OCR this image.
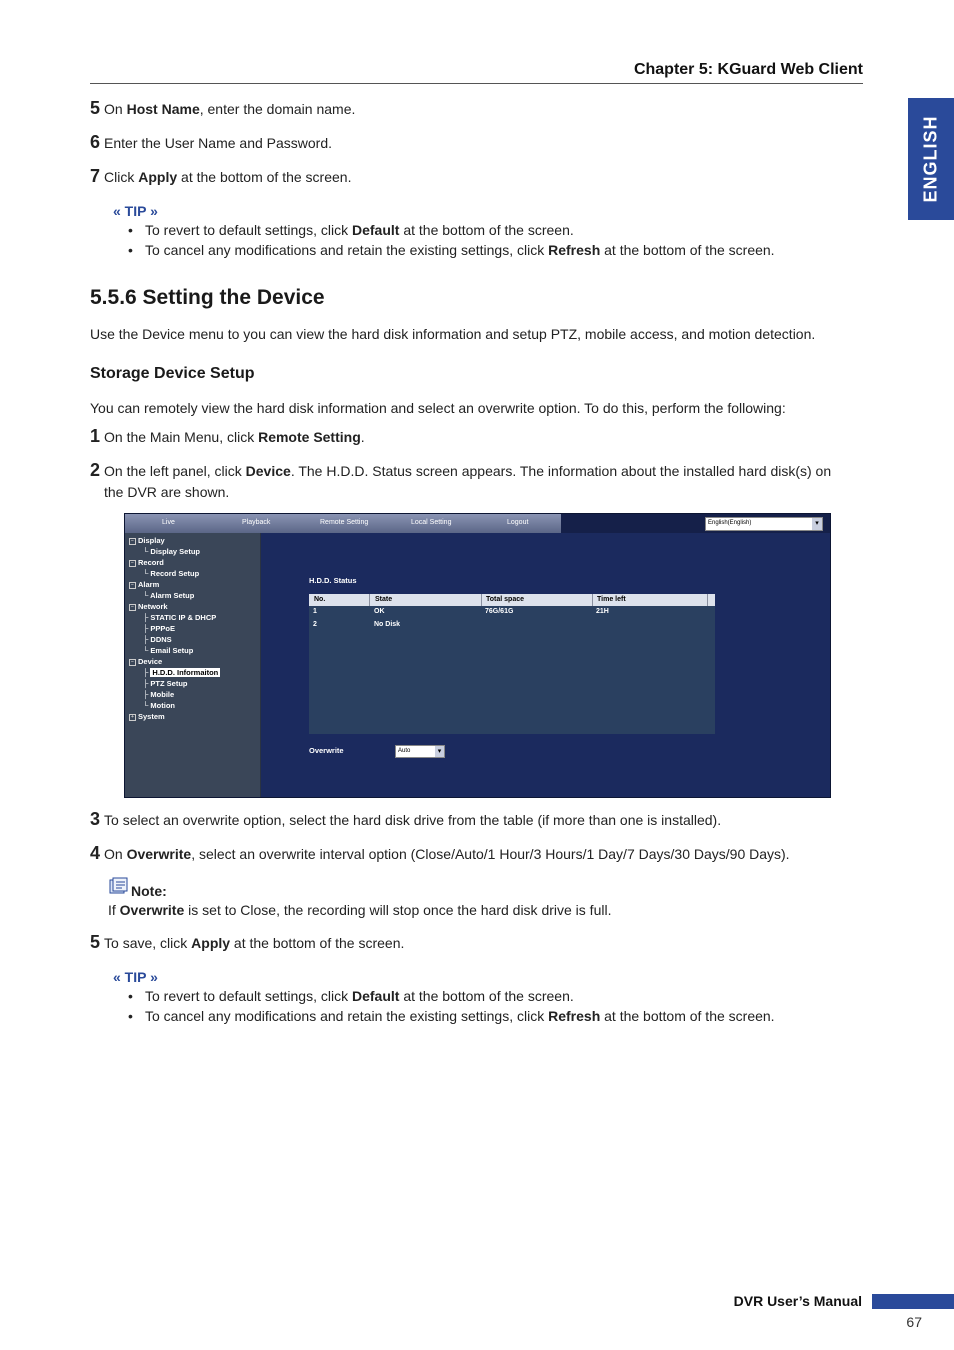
Chapter 5: KGuard Web Client
ENGLISH
5 On Host Name, enter the domain name.
6 Enter the User Name and Password.
7 Click Apply at the bottom of the screen.
« TIP »
• To revert to default settings, click Default at the bottom of the screen.
• To cancel any modifications and retain the existing settings, click Refresh at the bottom of the screen.
5.5.6 Setting the Device
Use the Device menu to you can view the hard disk information and setup PTZ, mobile access, and motion detection.
Storage Device Setup
You can remotely view the hard disk information and select an overwrite option. To do this, perform the following:
1 On the Main Menu, click Remote Setting.
2 On the left panel, click Device. The H.D.D. Status screen appears. The information about the installed hard disk(s) on
the DVR are shown.
Live	Playback	Remote Setting	Local Setting	Logout	English(English)	▾
− Display
└ Display Setup
− Record
└ Record Setup
− Alarm
└ Alarm Setup
− Network
├ STATIC IP & DHCP
├ PPPoE
├ DDNS
└ Email Setup
− Device
├ H.D.D. Informaiton
├ PTZ Setup
├ Mobile
└ Motion
+ System
H.D.D. Status
No.	State	Total space	Time left
1	OK	76G/61G	21H
2	No Disk
Overwrite	Auto	▾
3 To select an overwrite option, select the hard disk drive from the table (if more than one is installed).
4 On Overwrite, select an overwrite interval option (Close/Auto/1 Hour/3 Hours/1 Day/7 Days/30 Days/90 Days).
Note:
If Overwrite is set to Close, the recording will stop once the hard disk drive is full.
5 To save, click Apply at the bottom of the screen.
« TIP »
• To revert to default settings, click Default at the bottom of the screen.
• To cancel any modifications and retain the existing settings, click Refresh at the bottom of the screen.
DVR User’s Manual
67
